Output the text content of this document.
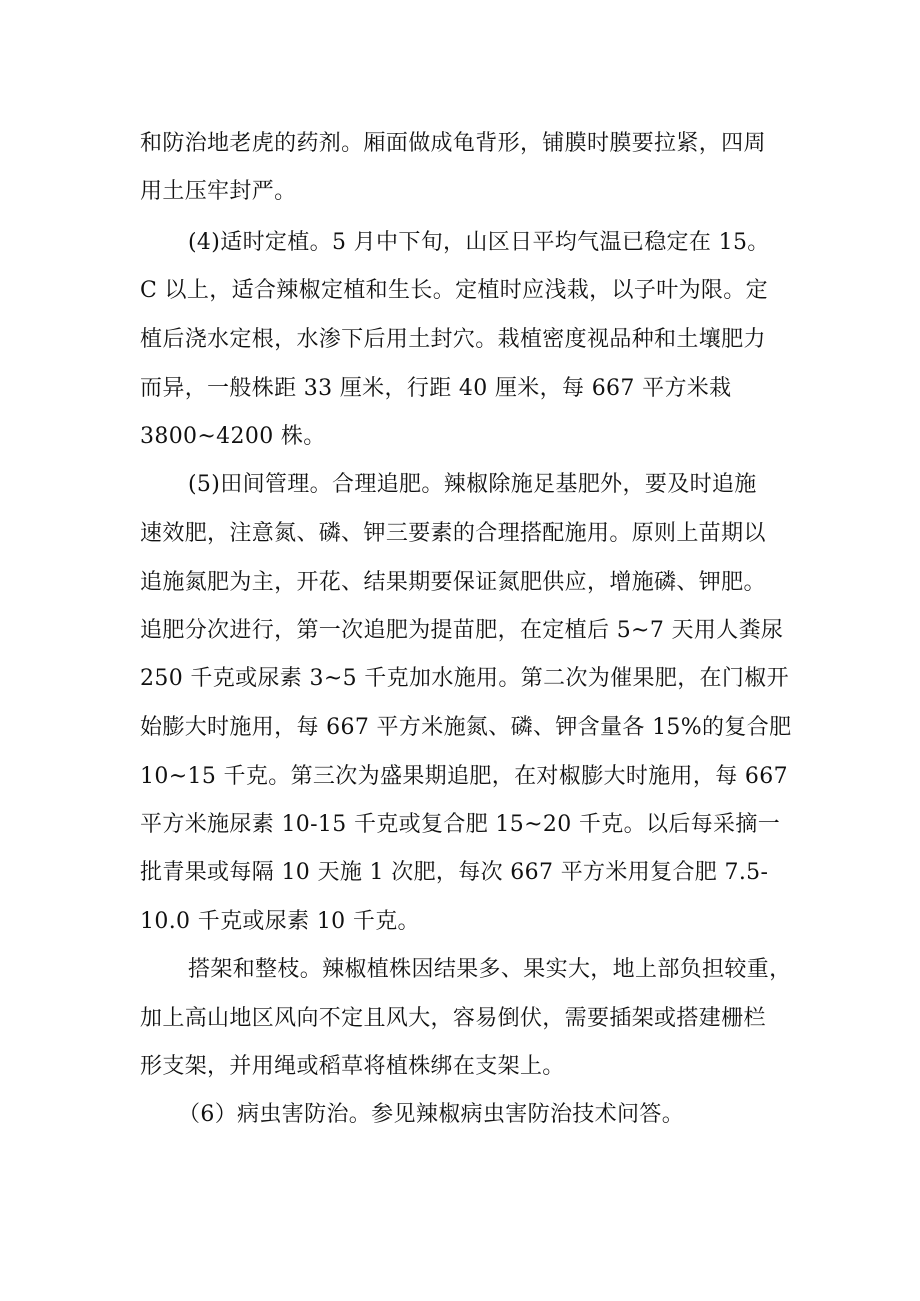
和防治地老虎的药剂。厢面做成龟背形，铺膜时膜要拉紧，四周
用土压牢封严。
(4)适时定植。5 月中下旬，山区日平均气温已稳定在 15。
C 以上，适合辣椒定植和生长。定植时应浅栽，以子叶为限。定
植后浇水定根，水渗下后用土封穴。栽植密度视品种和土壤肥力
而异，一般株距 33 厘米，行距 40 厘米，每 667 平方米栽
3800~4200 株。
(5)田间管理。合理追肥。辣椒除施足基肥外，要及时追施
速效肥，注意氮、磷、钾三要素的合理搭配施用。原则上苗期以
追施氮肥为主，开花、结果期要保证氮肥供应，增施磷、钾肥。
追肥分次进行，第一次追肥为提苗肥，在定植后 5~7 天用人粪尿
250 千克或尿素 3~5 千克加水施用。第二次为催果肥，在门椒开
始膨大时施用，每 667 平方米施氮、磷、钾含量各 15%的复合肥
10~15 千克。第三次为盛果期追肥，在对椒膨大时施用，每 667
平方米施尿素 10-15 千克或复合肥 15~20 千克。以后每采摘一
批青果或每隔 10 天施 1 次肥，每次 667 平方米用复合肥 7.5-
10.0 千克或尿素 10 千克。
搭架和整枝。辣椒植株因结果多、果实大，地上部负担较重，
加上高山地区风向不定且风大，容易倒伏，需要插架或搭建栅栏
形支架，并用绳或稻草将植株绑在支架上。
（6）病虫害防治。参见辣椒病虫害防治技术问答。
